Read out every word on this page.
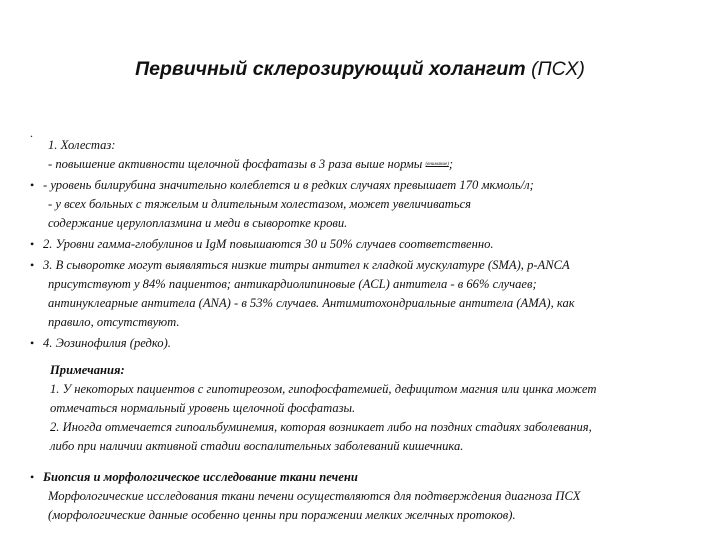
Первичный склерозирующий холангит (ПСХ)
.
1. Холестаз:
- повышение активности щелочной фосфатазы в 3 раза выше нормы $^{(внимание)}$;
• - уровень билирубина значительно колеблется и в редких случаях превышает 170 мкмоль/л;
- у всех больных с тяжелым и длительным холестазом, может увеличиваться
содержание церулоплазмина и меди в сыворотке крови.
• 2. Уровни гамма-глобулинов и IgM повышаются 30 и 50% случаев соответственно.
• 3. В сыворотке могут выявляться низкие титры антител к гладкой мускулатуре (SMA), p-ANCA
присутствуют у 84% пациентов; антикардиолипиновые (ACL) антитела - в 66% случаев;
антинуклеарные антитела (ANA) - в 53% случаев. Антимитохондриальные антитела (AMA), как
правило, отсутствуют.
• 4. Эозинофилия (редко).
Примечания:
1. У некоторых пациентов с гипотиреозом, гипофосфатемией, дефицитом магния или цинка может
отмечаться нормальный уровень щелочной фосфатазы.
2. Иногда отмечается гипоальбуминемия, которая возникает либо на поздних стадиях заболевания,
либо при наличии активной стадии воспалительных заболеваний кишечника.
• Биопсия и морфологическое исследование ткани печени
Морфологические исследования ткани печени осуществляются для подтверждения диагноза ПСХ
(морфологические данные особенно ценны при поражении мелких желчных протоков).
